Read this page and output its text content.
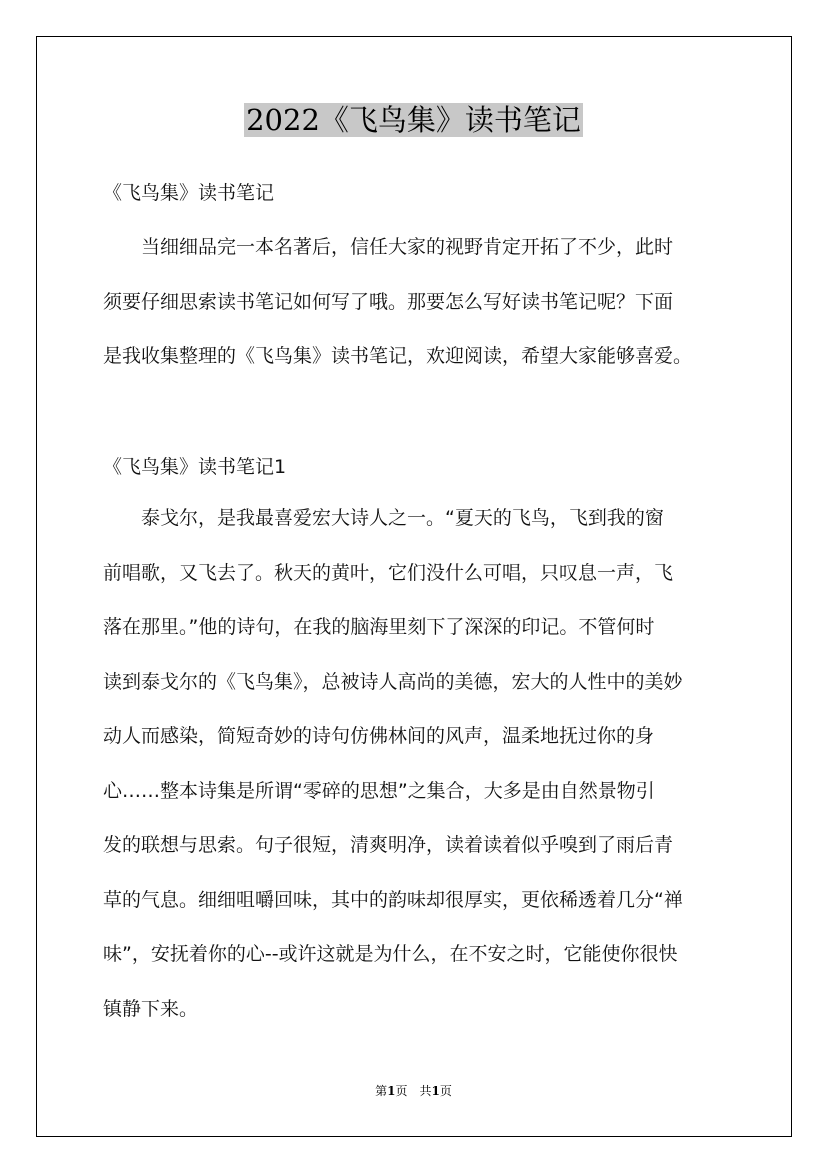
2022《飞鸟集》读书笔记
《飞鸟集》读书笔记
　　当细细品完一本名著后，信任大家的视野肯定开拓了不少，此时
须要仔细思索读书笔记如何写了哦。那要怎么写好读书笔记呢？下面
是我收集整理的《飞鸟集》读书笔记，欢迎阅读，希望大家能够喜爱。
《飞鸟集》读书笔记1
　　泰戈尔，是我最喜爱宏大诗人之一。“夏天的飞鸟，飞到我的窗
前唱歌，又飞去了。秋天的黄叶，它们没什么可唱，只叹息一声，飞
落在那里。”他的诗句，在我的脑海里刻下了深深的印记。不管何时
读到泰戈尔的《飞鸟集》，总被诗人高尚的美德，宏大的人性中的美妙
动人而感染，简短奇妙的诗句仿佛林间的风声，温柔地抚过你的身
心……整本诗集是所谓“零碎的思想”之集合，大多是由自然景物引
发的联想与思索。句子很短，清爽明净，读着读着似乎嗅到了雨后青
草的气息。细细咀嚼回味，其中的韵味却很厚实，更依稀透着几分“禅
味”，安抚着你的心--或许这就是为什么，在不安之时，它能使你很快
镇静下来。
第1页　共1页
